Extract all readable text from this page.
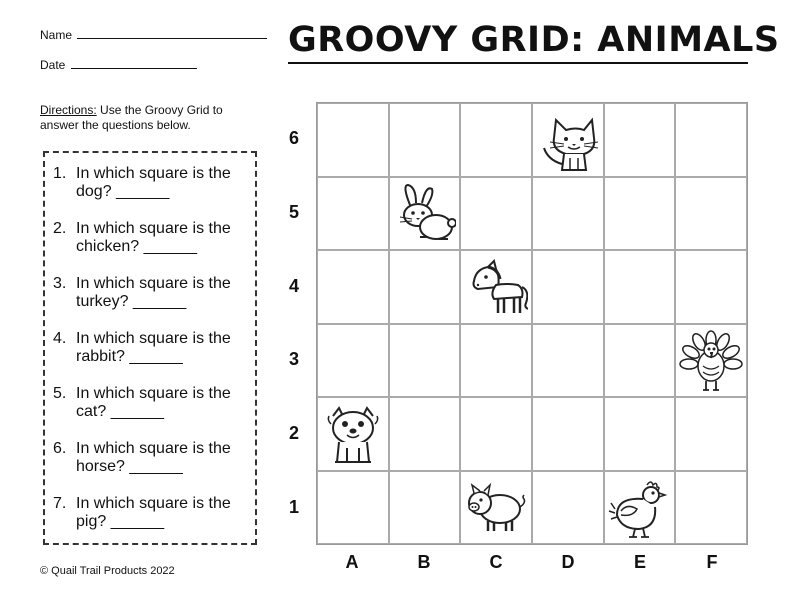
Name
Date
GROOVY GRID: ANIMALS
Directions: Use the Groovy Grid to answer the questions below.
1. In which square is the dog? ______
2. In which square is the chicken? ______
3. In which square is the turkey? ______
4. In which square is the rabbit? ______
5. In which square is the cat? ______
6. In which square is the horse? ______
7. In which square is the pig? ______
© Quail Trail Products 2022
6
5
4
3
2
1
A	B	C	D	E	F
